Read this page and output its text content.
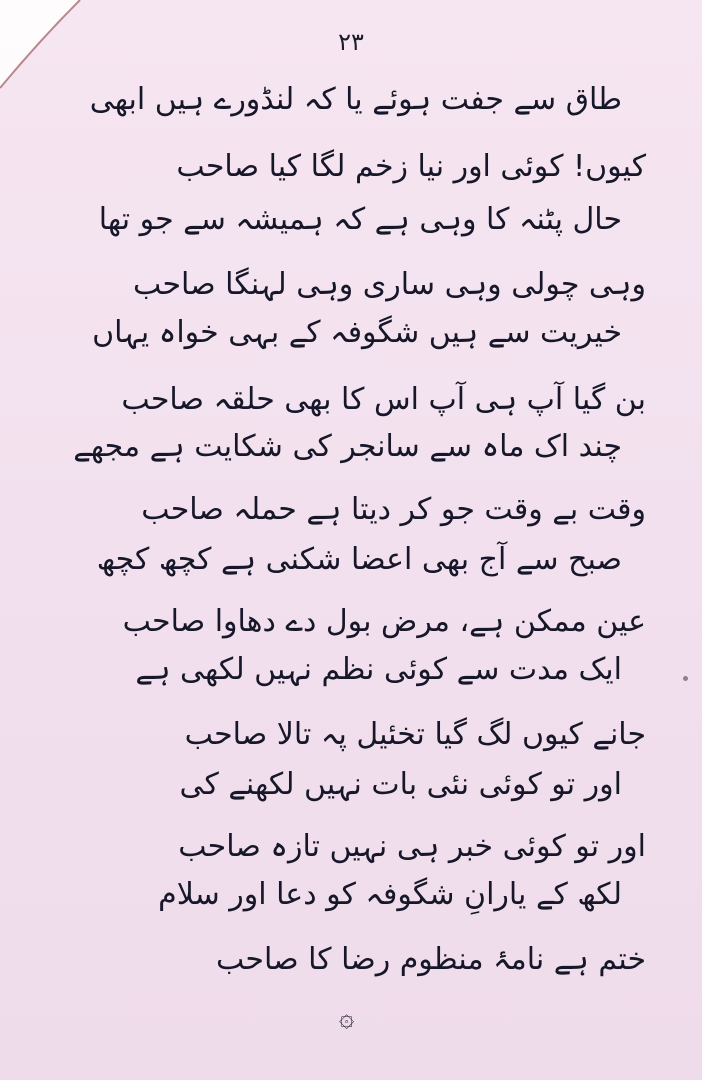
۲۳
طاق سے جفت ہوئے یا کہ لنڈورے ہیں ابھی
کیوں! کوئی اور نیا زخم لگا کیا صاحب
حال پٹنہ کا وہی ہے کہ ہمیشہ سے جو تھا
وہی چولی وہی ساری وہی لہنگا صاحب
خیریت سے ہیں شگوفہ کے بہی خواہ یہاں
بن گیا آپ ہی آپ اس کا بھی حلقہ صاحب
چند اک ماہ سے سانجر کی شکایت ہے مجھے
وقت بے وقت جو کر دیتا ہے حملہ صاحب
صبح سے آج بھی اعضا شکنی ہے کچھ کچھ
عین ممکن ہے، مرض بول دے دھاوا صاحب
ایک مدت سے کوئی نظم نہیں لکھی ہے
جانے کیوں لگ گیا تخئیل پہ تالا صاحب
اور تو کوئی نئی بات نہیں لکھنے کی
اور تو کوئی خبر ہی نہیں تازہ صاحب
لکھ کے یارانِ شگوفہ کو دعا اور سلام
ختم ہے نامۂ منظوم رضا کا صاحب
۞
